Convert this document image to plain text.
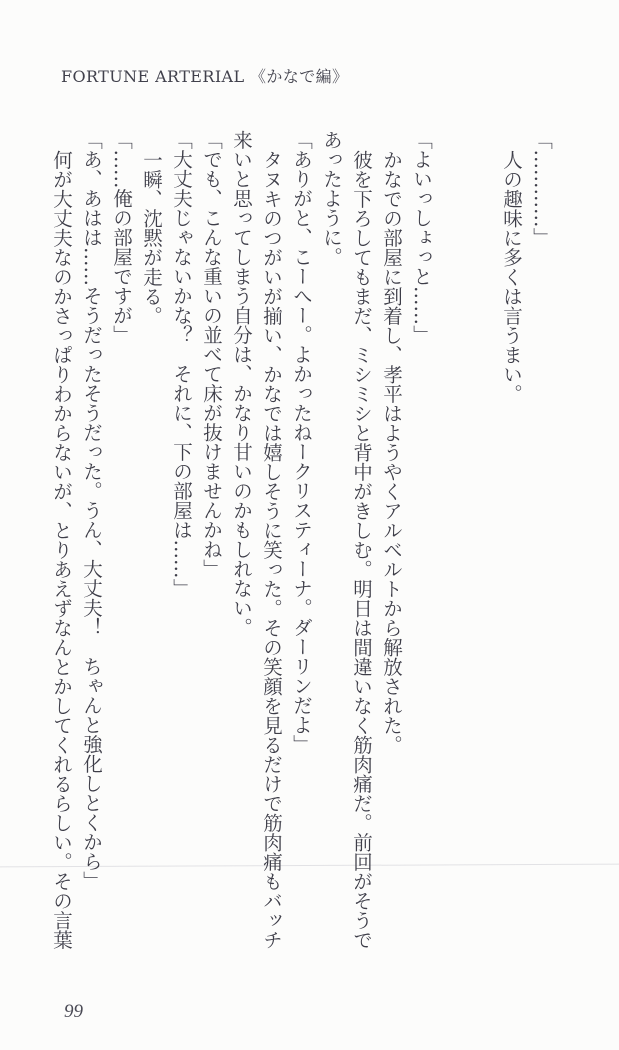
FORTUNE ARTERIAL 《かなで編》

「…………」

人の趣味に多くは言うまい。

「よいっしょっと……」

かなでの部屋に到着し、孝平はようやくアルベルトから解放された。

彼を下ろしてもまだ、ミシミシと背中がきしむ。明日は間違いなく筋肉痛だ。前回がそうであったように。

「ありがと、こーへー。よかったねークリスティーナ。ダーリンだよ」

タヌキのつがいが揃い、かなでは嬉しそうに笑った。その笑顔を見るだけで筋肉痛もバッチ来いと思ってしまう自分は、かなり甘いのかもしれない。

「でも、こんな重いの並べて床が抜けませんかね」

「大丈夫じゃないかな？　それに、下の部屋は……」

一瞬、沈黙が走る。

「……俺の部屋ですが」

「あ、あはは……そうだったそうだった。うん、大丈夫！　ちゃんと強化しとくから」

何が大丈夫なのかさっぱりわからないが、とりあえずなんとかしてくれるらしい。その言葉

99
